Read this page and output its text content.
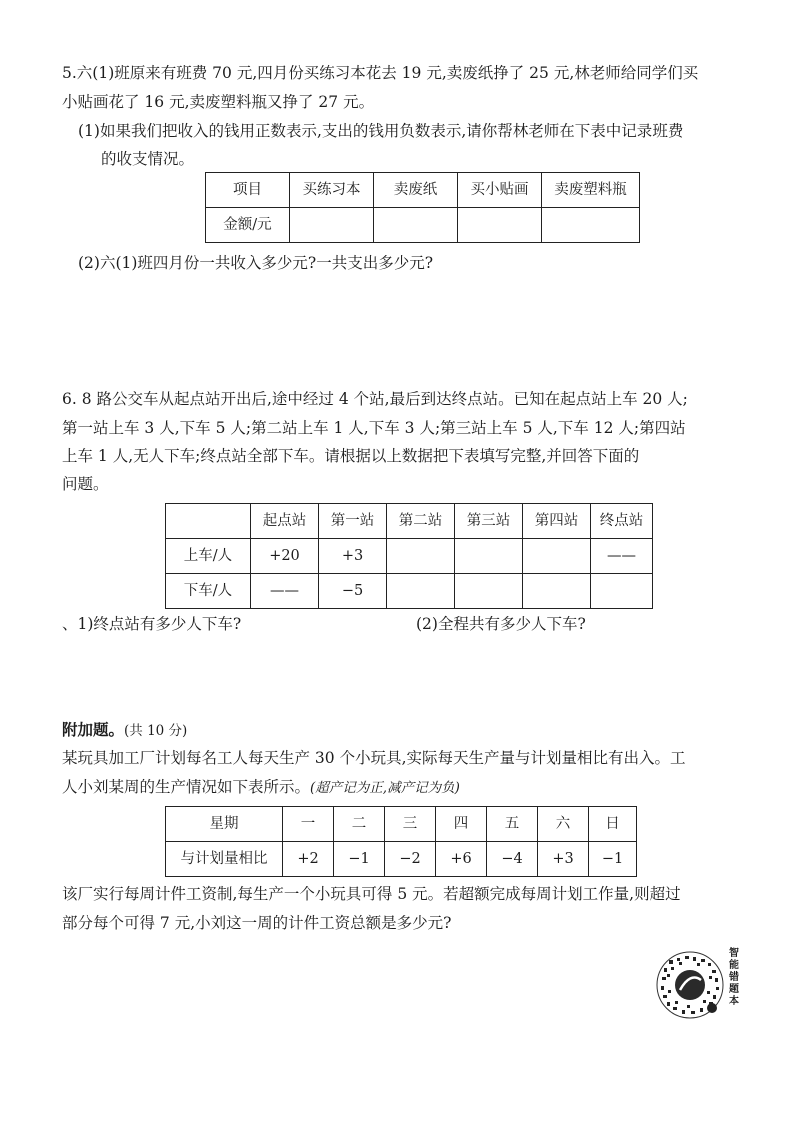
5.六(1)班原来有班费 70 元,四月份买练习本花去 19 元,卖废纸挣了 25 元,林老师给同学们买
小贴画花了 16 元,卖废塑料瓶又挣了 27 元。
(1)如果我们把收入的钱用正数表示,支出的钱用负数表示,请你帮林老师在下表中记录班费
的收支情况。
项目	买练习本	卖废纸	买小贴画	卖废塑料瓶
金额/元				
(2)六(1)班四月份一共收入多少元?一共支出多少元?
6. 8 路公交车从起点站开出后,途中经过 4 个站,最后到达终点站。已知在起点站上车 20 人;
第一站上车 3 人,下车 5 人;第二站上车 1 人,下车 3 人;第三站上车 5 人,下车 12 人;第四站
上车 1 人,无人下车;终点站全部下车。请根据以上数据把下表填写完整,并回答下面的
问题。
	起点站	第一站	第二站	第三站	第四站	终点站
上车/人	+20	+3				——
下车/人	——	−5				
、1)终点站有多少人下车?	(2)全程共有多少人下车?
附加题。(共 10 分)
某玩具加工厂计划每名工人每天生产 30 个小玩具,实际每天生产量与计划量相比有出入。工
人小刘某周的生产情况如下表所示。(超产记为正,减产记为负)
星期	一	二	三	四	五	六	日
与计划量相比	+2	−1	−2	+6	−4	+3	−1
该厂实行每周计件工资制,每生产一个小玩具可得 5 元。若超额完成每周计划工作量,则超过
部分每个可得 7 元,小刘这一周的计件工资总额是多少元?
智能错题本
